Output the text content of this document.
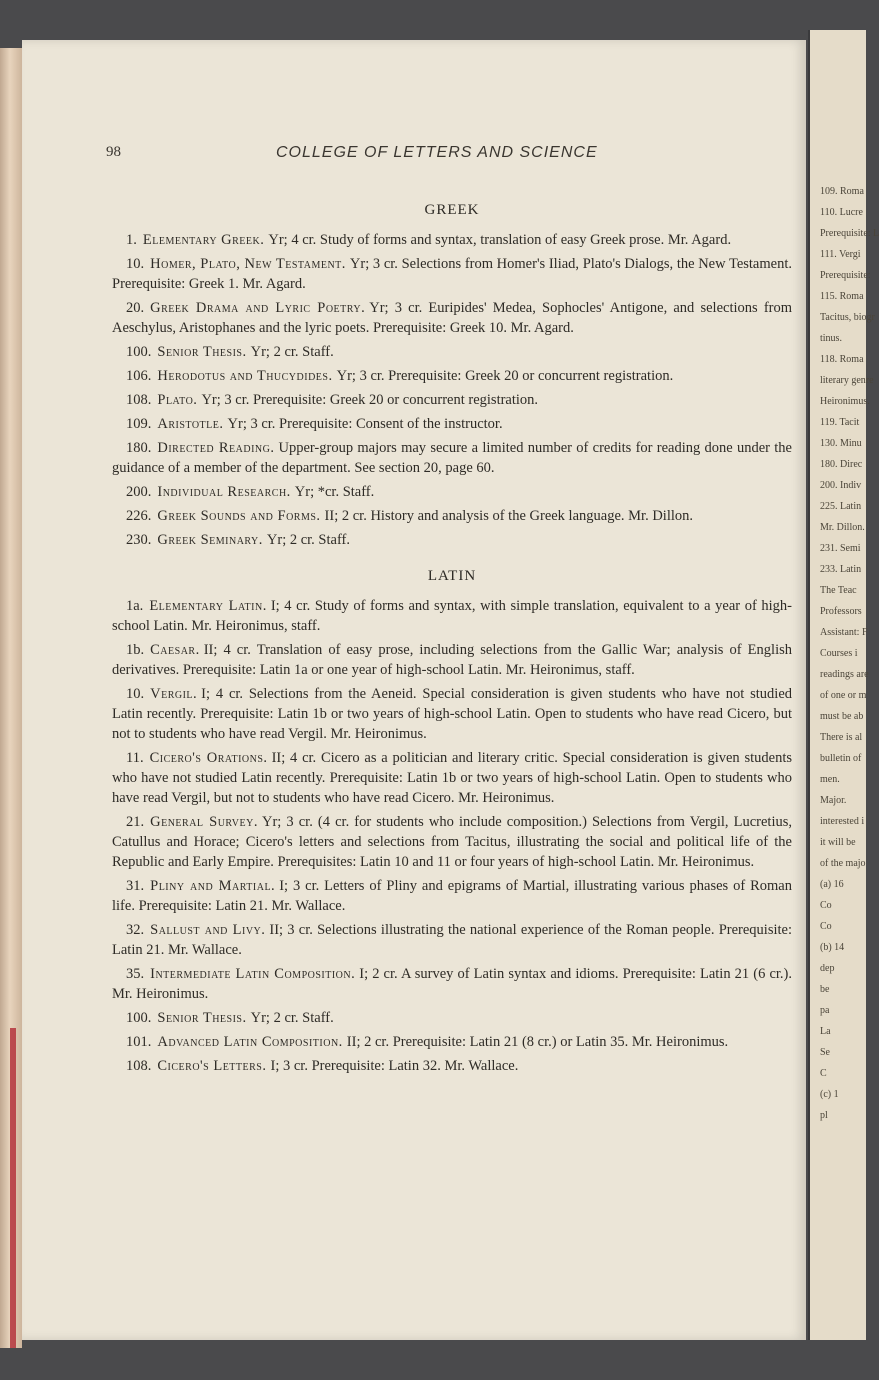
109. Roma
110. Lucre
Prerequisite: L
111. Vergi
Prerequisite:
115. Roma
Tacitus, biogr
tinus.
118. Roma
literary genre
Heironimus.
119. Tacit
130. Minu
180. Direc
200. Indiv
225. Latin
Mr. Dillon.
231. Semi
233. Latin
The Teac
Professors
Assistant: F
Courses i
readings are
of one or m
must be ab
There is al
bulletin of
men.
Major.
interested i
it will be
of the majo
(a) 16
Co
Co
(b) 14
dep
be
pa
La
Se
C
(c) 1
pl
98	COLLEGE OF LETTERS AND SCIENCE
GREEK

1. Elementary Greek. Yr; 4 cr. Study of forms and syntax, translation of easy Greek prose. Mr. Agard.

10. Homer, Plato, New Testament. Yr; 3 cr. Selections from Homer's Iliad, Plato's Dialogs, the New Testament. Prerequisite: Greek 1. Mr. Agard.

20. Greek Drama and Lyric Poetry. Yr; 3 cr. Euripides' Medea, Sophocles' Antigone, and selections from Aeschylus, Aristophanes and the lyric poets. Prerequisite: Greek 10. Mr. Agard.

100. Senior Thesis. Yr; 2 cr. Staff.

106. Herodotus and Thucydides. Yr; 3 cr. Prerequisite: Greek 20 or concurrent registration.

108. Plato. Yr; 3 cr. Prerequisite: Greek 20 or concurrent registration.

109. Aristotle. Yr; 3 cr. Prerequisite: Consent of the instructor.

180. Directed Reading. Upper-group majors may secure a limited number of credits for reading done under the guidance of a member of the department. See section 20, page 60.

200. Individual Research. Yr; *cr. Staff.

226. Greek Sounds and Forms. II; 2 cr. History and analysis of the Greek language. Mr. Dillon.

230. Greek Seminary. Yr; 2 cr. Staff.

LATIN

1a. Elementary Latin. I; 4 cr. Study of forms and syntax, with simple translation, equivalent to a year of high-school Latin. Mr. Heironimus, staff.

1b. Caesar. II; 4 cr. Translation of easy prose, including selections from the Gallic War; analysis of English derivatives. Prerequisite: Latin 1a or one year of high-school Latin. Mr. Heironimus, staff.

10. Vergil. I; 4 cr. Selections from the Aeneid. Special consideration is given students who have not studied Latin recently. Prerequisite: Latin 1b or two years of high-school Latin. Open to students who have read Cicero, but not to students who have read Vergil. Mr. Heironimus.

11. Cicero's Orations. II; 4 cr. Cicero as a politician and literary critic. Special consideration is given students who have not studied Latin recently. Prerequisite: Latin 1b or two years of high-school Latin. Open to students who have read Vergil, but not to students who have read Cicero. Mr. Heironimus.

21. General Survey. Yr; 3 cr. (4 cr. for students who include composition.) Selections from Vergil, Lucretius, Catullus and Horace; Cicero's letters and selections from Tacitus, illustrating the social and political life of the Republic and Early Empire. Prerequisites: Latin 10 and 11 or four years of high-school Latin. Mr. Heironimus.

31. Pliny and Martial. I; 3 cr. Letters of Pliny and epigrams of Martial, illustrating various phases of Roman life. Prerequisite: Latin 21. Mr. Wallace.

32. Sallust and Livy. II; 3 cr. Selections illustrating the national experience of the Roman people. Prerequisite: Latin 21. Mr. Wallace.

35. Intermediate Latin Composition. I; 2 cr. A survey of Latin syntax and idioms. Prerequisite: Latin 21 (6 cr.). Mr. Heironimus.

100. Senior Thesis. Yr; 2 cr. Staff.

101. Advanced Latin Composition. II; 2 cr. Prerequisite: Latin 21 (8 cr.) or Latin 35. Mr. Heironimus.

108. Cicero's Letters. I; 3 cr. Prerequisite: Latin 32. Mr. Wallace.
